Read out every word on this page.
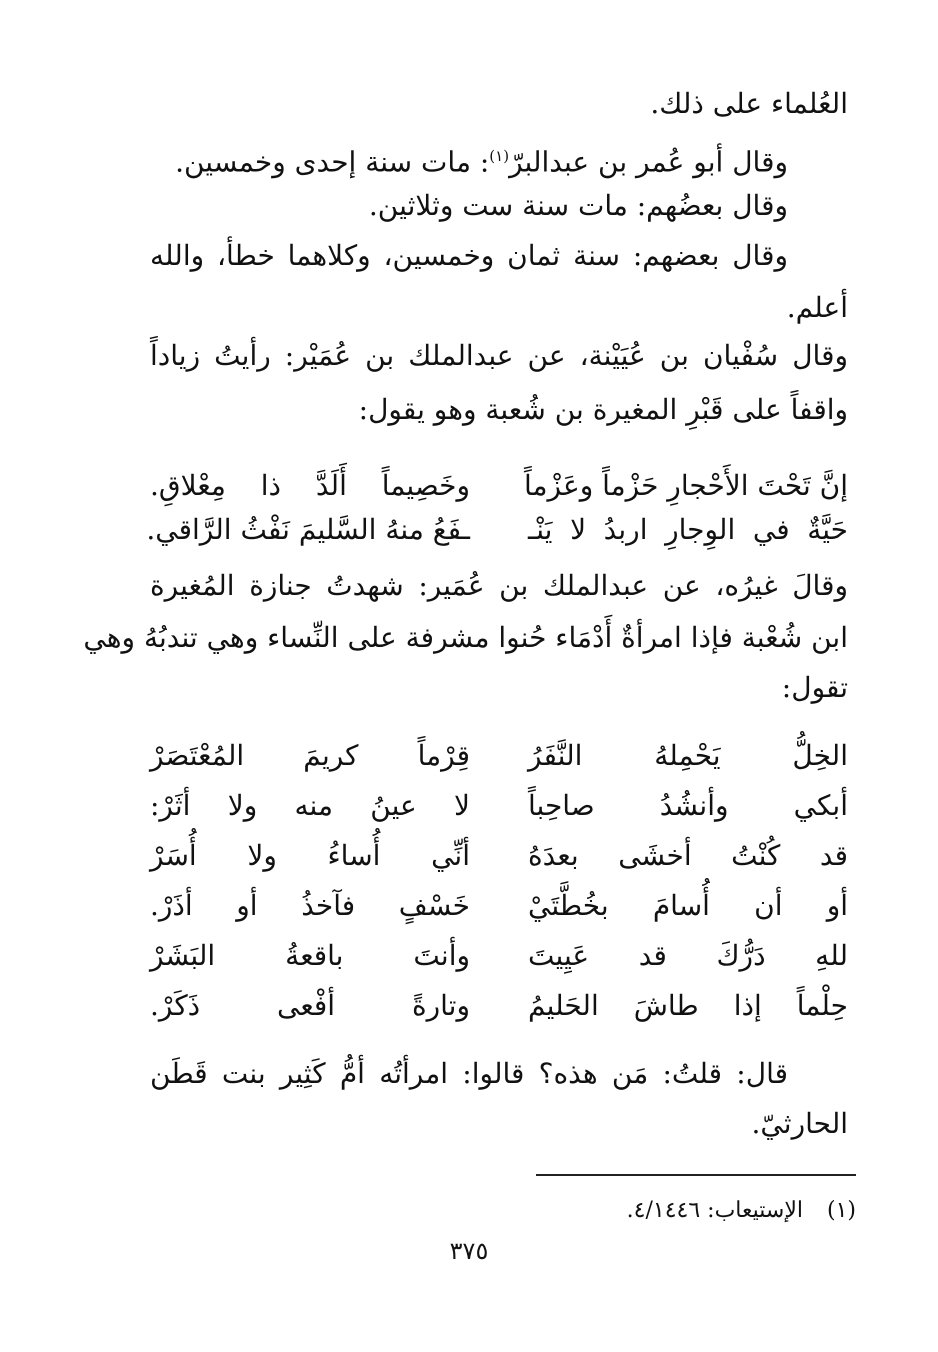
العُلماء على ذلك.
وقال أبو عُمر بن عبدالبرّ$^{(١)}$: مات سنة إحدى وخمسين.
وقال بعضُهم: مات سنة ست وثلاثين.
وقال بعضهم: سنة ثمان وخمسين، وكلاهما خطأ، والله
أعلم.
وقال سُفْيان بن عُيَيْنة، عن عبدالملك بن عُمَيْر: رأيتُ زياداً
واقفاً على قَبْرِ المغيرة بن شُعبة وهو يقول:
إنَّ تَحْتَ الأَحْجارِ حَزْماً وعَزْماً
وخَصِيماً أَلَدَّ ذا مِعْلاقِ.
حَيَّةٌ في الوِجارِ اربدُ لا يَنْـ
ـفَعُ منهُ السَّليمَ نَفْثُ الرَّاقي.
وقالَ غيرُه، عن عبدالملك بن عُمَير: شهدتُ جنازة المُغيرة
ابن شُعْبة فإذا امرأةٌ أَدْمَاء حُنوا مشرفة على النِّساء وهي تندبُهُ وهي
تقول:
الخِلُّ يَحْمِلهُ النَّفَرُ
قِرْماً كريمَ المُعْتَصَرْ
أبكي وأنشُدُ صاحِباً
لا عينُ منه ولا أثَرْ:
قد كُنْتُ أخشَى بعدَهُ
أنِّي أُساءُ ولا أُسَرْ
أو أن أُسامَ بخُطَّتَيْ
خَسْفٍ فآخذُ أو أذَرْ.
للهِ دَرُّكَ قد عَيِيتَ
وأنتَ باقعةُ البَشَرْ
حِلْماً إذا طاشَ الحَليمُ
وتارةً أفْعى ذَكَرْ.
قال: قلتُ: مَن هذه؟ قالوا: امرأتُه أمُّ كَثِير بنت قَطَن
الحارثيّ.
(١)الإستيعاب: ٤/١٤٤٦.
٣٧٥
